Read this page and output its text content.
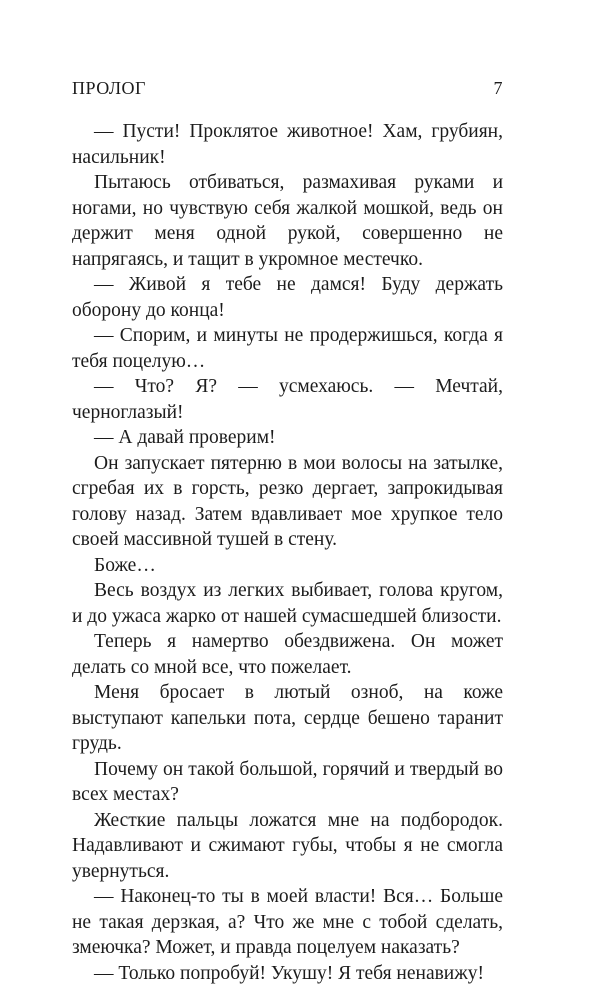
ПРОЛОГ	7

— Пусти! Проклятое животное! Хам, грубиян, насильник!

Пытаюсь отбиваться, размахивая руками и ногами, но чувствую себя жалкой мошкой, ведь он держит меня одной рукой, совершенно не напрягаясь, и тащит в укромное местечко.

— Живой я тебе не дамся! Буду держать оборону до конца!

— Спорим, и минуты не продержишься, когда я тебя поцелую…

— Что? Я? — усмехаюсь. — Мечтай, черноглазый!

— А давай проверим!

Он запускает пятерню в мои волосы на затылке, сгребая их в горсть, резко дергает, запрокидывая голову назад. Затем вдавливает мое хрупкое тело своей массивной тушей в стену.

Боже…

Весь воздух из легких выбивает, голова кругом, и до ужаса жарко от нашей сумасшедшей близости.

Теперь я намертво обездвижена. Он может делать со мной все, что пожелает.

Меня бросает в лютый озноб, на коже выступают капельки пота, сердце бешено таранит грудь.

Почему он такой большой, горячий и твердый во всех местах?

Жесткие пальцы ложатся мне на подбородок. Надавливают и сжимают губы, чтобы я не смогла увернуться.

— Наконец-то ты в моей власти! Вся… Больше не такая дерзкая, а? Что же мне с тобой сделать, змеючка? Может, и правда поцелуем наказать?

— Только попробуй! Укушу! Я тебя ненавижу!
